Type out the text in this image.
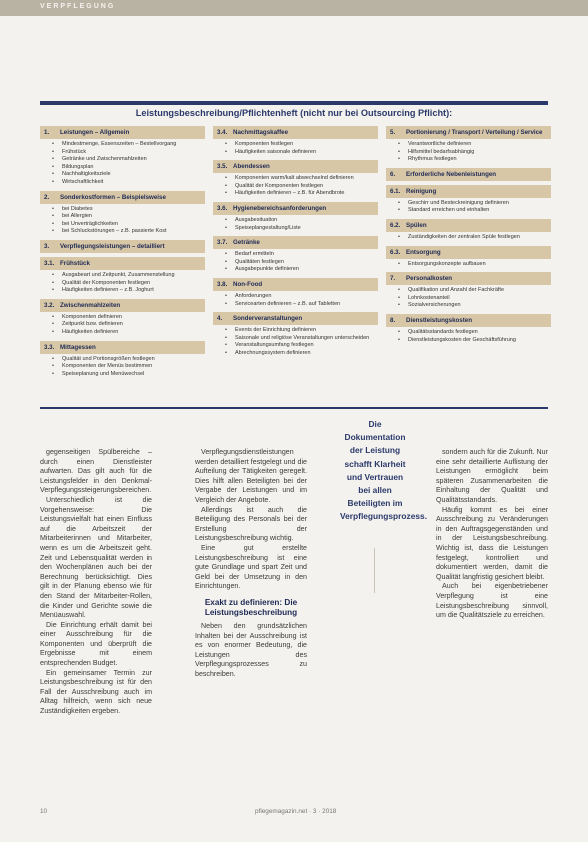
VERPFLEGUNG
Leistungsbeschreibung/Pflichtenheft (nicht nur bei Outsourcing Pflicht):
1. Leistungen – Allgemein
• Mindestmenge, Essenszeiten – Bestellvorgang
• Frühstück
• Getränke und Zwischenmahlzeiten
• Bildungsplan
• Nachhaltigkeitsziele
• Wirtschaftlichkeit
2. Sonderkostformen – Beispielsweise
• bei Diabetes
• bei Allergien
• bei Unverträglichkeiten
• bei Schluckstörungen – z.B. passierte Kost
3. Verpflegungsleistungen – detailliert
3.1. Frühstück
• Ausgabeart und Zeitpunkt, Zusammenstellung
• Qualität der Komponenten festlegen
• Häufigkeiten definieren – z.B. Joghurt
3.2. Zwischenmahlzeiten
• Komponenten definieren
• Zeitpunkt bzw. definieren
• Häufigkeiten definieren
3.3. Mittagessen
• Qualität und Portionsgrößen festlegen
• Komponenten der Menüs bestimmen
• Speiseplanung und Menüwechsel
3.4. Nachmittagskaffee
• Komponenten festlegen
• Häufigkeiten saisonale definieren
3.5. Abendessen
• Komponenten warm/kalt abwechselnd definieren
• Qualität der Komponenten festlegen
• Häufigkeiten definieren – z.B. für Abendbrote
3.6. Hygienebereichsanforderungen
• Ausgabesituation
• Speiseplangestaltung/Liste
3.7. Getränke
• Bedarf ermitteln
• Qualitäten festlegen
• Ausgabepunkte definieren
3.8. Non-Food
• Anforderungen
• Servicearten definieren – z.B. auf Tabletten
4. Sonderveranstaltungen
• Events der Einrichtung definieren
• Saisonale und religiöse Veranstaltungen unterscheiden
• Veranstaltungsumfang festlegen
• Abrechnungssystem definieren
5. Portionierung / Transport / Verteilung / Service
• Verantwortliche definieren
• Hilfsmittel bedarfsabhängig
• Rhythmus festlegen
6. Erforderliche Nebenleistungen
6.1. Reinigung
• Geschirr und Besteckreinigung definieren
• Standard erreichen und einhalten
6.2. Spülen
• Zuständigkeiten der zentralen Spüle festlegen
6.3. Entsorgung
• Entsorgungskonzepte aufbauen
7. Personalkosten
• Qualifikation und Anzahl der Fachkräfte
• Lohnkostenanteil
• Sozialversicherungen
8. Dienstleistungskosten
• Qualitätsstandards festlegen
• Dienstleistungskosten der Geschäftsführung

gegenseitigen Spülbereiche – durch einen Dienstleister aufwarten. Das gilt auch für die Leistungsfelder in den Denkmal-Verpflegungssteigerungsbereichen.

Unterschiedlich ist die Vorgehensweise: Die Leistungsvielfalt hat einen Einfluss auf die Arbeitszeit der Mitarbeiterinnen und Mitarbeiter, wenn es um die Arbeitszeit geht. Zeit und Lebensqualität werden in den Wochenplänen auch bei der Berechnung berücksichtigt. Dies gilt in der Planung ebenso wie für den Stand der Mitarbeiter-Rollen, die Kinder und Gerichte sowie die Menüauswahl.

Die Einrichtung erhält damit bei einer Ausschreibung für die Komponenten und überprüft die Ergebnisse mit einem entsprechenden Budget.

Ein gemeinsamer Termin zur Leistungsbeschreibung ist für den Fall der Ausschreibung auch im Alltag hilfreich, wenn sich neue Zuständigkeiten ergeben.

Verpflegungsdienstleistungen werden detailliert festgelegt und die Aufteilung der Tätigkeiten geregelt. Dies hilft allen Beteiligten bei der Vergabe der Leistungen und im Vergleich der Angebote.

Allerdings ist auch die Beteiligung des Personals bei der Erstellung der Leistungsbeschreibung wichtig.

Eine gut erstellte Leistungsbeschreibung ist eine gute Grundlage und spart Zeit und Geld bei der Umsetzung in den Einrichtungen.

Exakt zu definieren: Die Leistungsbeschreibung

Neben den grundsätzlichen Inhalten bei der Ausschreibung ist es von enormer Bedeutung, die Leistungen des Verpflegungsprozesses zu beschreiben.

sondern auch für die Zukunft. Nur eine sehr detaillierte Auflistung der Leistungen ermöglicht beim späteren Zusammenarbeiten die Einhaltung der Qualität und Qualitätsstandards.

Häufig kommt es bei einer Ausschreibung zu Veränderungen in den Auftragsgegenständen und in der Leistungsbeschreibung. Wichtig ist, dass die Leistungen festgelegt, kontrolliert und dokumentiert werden, damit die Qualität langfristig gesichert bleibt.

Auch bei eigenbetriebener Verpflegung ist eine Leistungsbeschreibung sinnvoll, um die Qualitätsziele zu erreichen.

Die Dokumentation der Leistung schafft Klarheit und Vertrauen bei allen Beteiligten im Verpflegungsprozess.
10	pflegemagazin.net · 3 · 2018
